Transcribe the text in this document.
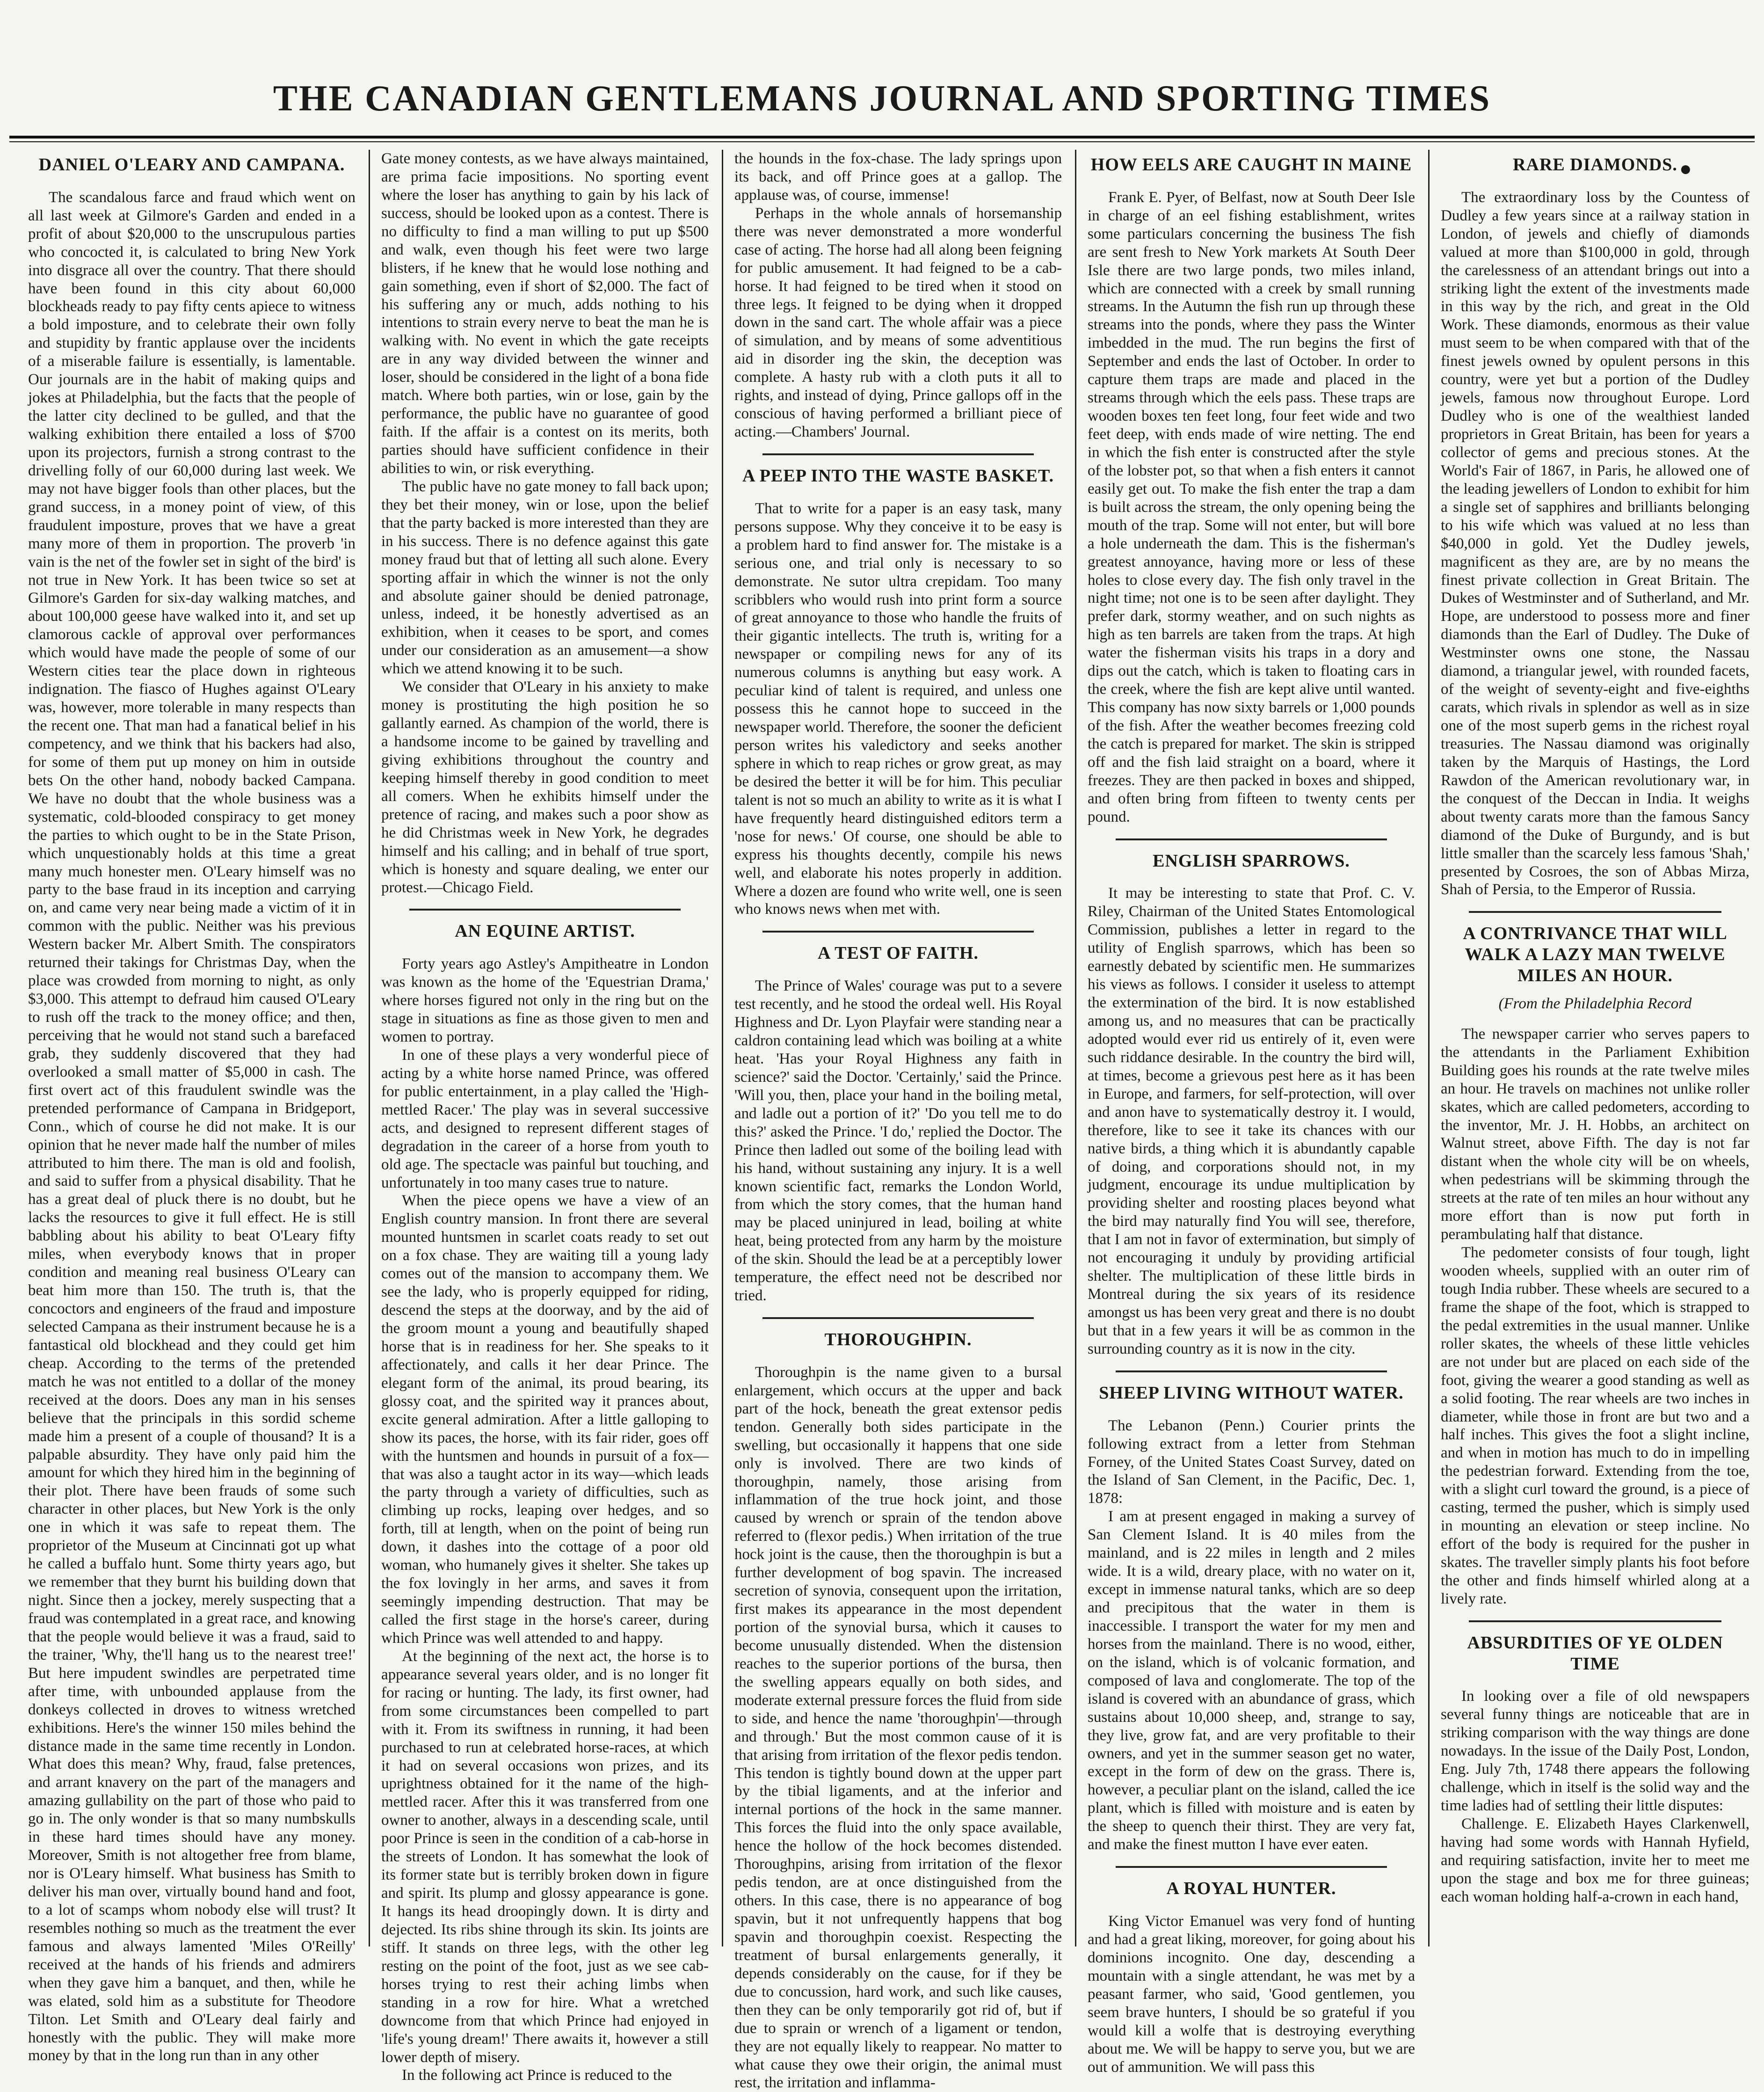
THE CANADIAN GENTLEMANS JOURNAL AND SPORTING TIMES
DANIEL O'LEARY AND CAMPANA.

The scandalous farce and fraud which went on all last week at Gilmore's Garden and ended in a profit of about $20,000 to the unscrupulous parties who concocted it, is calculated to bring New York into disgrace all over the country. That there should have been found in this city about 60,000 blockheads ready to pay fifty cents apiece to witness a bold imposture, and to celebrate their own folly and stupidity by frantic applause over the incidents of a miserable failure is essentially, is lamentable. Our journals are in the habit of making quips and jokes at Philadelphia, but the facts that the people of the latter city declined to be gulled, and that the walking exhibition there entailed a loss of $700 upon its projectors, furnish a strong contrast to the drivelling folly of our 60,000 during last week. We may not have bigger fools than other places, but the grand success, in a money point of view, of this fraudulent imposture, proves that we have a great many more of them in proportion. The proverb 'in vain is the net of the fowler set in sight of the bird' is not true in New York. It has been twice so set at Gilmore's Garden for six-day walking matches, and about 100,000 geese have walked into it, and set up clamorous cackle of approval over performances which would have made the people of some of our Western cities tear the place down in righteous indignation. The fiasco of Hughes against O'Leary was, however, more tolerable in many respects than the recent one. That man had a fanatical belief in his competency, and we think that his backers had also, for some of them put up money on him in outside bets On the other hand, nobody backed Campana. We have no doubt that the whole business was a systematic, cold-blooded conspiracy to get money the parties to which ought to be in the State Prison, which unquestionably holds at this time a great many much honester men. O'Leary himself was no party to the base fraud in its inception and carrying on, and came very near being made a victim of it in common with the public. Neither was his previous Western backer Mr. Albert Smith. The conspirators returned their takings for Christmas Day, when the place was crowded from morning to night, as only $3,000. This attempt to defraud him caused O'Leary to rush off the track to the money office; and then, perceiving that he would not stand such a barefaced grab, they suddenly discovered that they had overlooked a small matter of $5,000 in cash. The first overt act of this fraudulent swindle was the pretended performance of Campana in Bridgeport, Conn., which of course he did not make. It is our opinion that he never made half the number of miles attributed to him there. The man is old and foolish, and said to suffer from a physical disability. That he has a great deal of pluck there is no doubt, but he lacks the resources to give it full effect. He is still babbling about his ability to beat O'Leary fifty miles, when everybody knows that in proper condition and meaning real business O'Leary can beat him more than 150. The truth is, that the concoctors and engineers of the fraud and imposture selected Campana as their instrument because he is a fantastical old blockhead and they could get him cheap. According to the terms of the pretended match he was not entitled to a dollar of the money received at the doors. Does any man in his senses believe that the principals in this sordid scheme made him a present of a couple of thousand? It is a palpable absurdity. They have only paid him the amount for which they hired him in the beginning of their plot. There have been frauds of some such character in other places, but New York is the only one in which it was safe to repeat them. The proprietor of the Museum at Cincinnati got up what he called a buffalo hunt. Some thirty years ago, but we remember that they burnt his building down that night. Since then a jockey, merely suspecting that a fraud was contemplated in a great race, and knowing that the people would believe it was a fraud, said to the trainer, 'Why, the'll hang us to the nearest tree!' But here impudent swindles are perpetrated time after time, with unbounded applause from the donkeys collected in droves to witness wretched exhibitions. Here's the winner 150 miles behind the distance made in the same time recently in London. What does this mean? Why, fraud, false pretences, and arrant knavery on the part of the managers and amazing gullability on the part of those who paid to go in. The only wonder is that so many numbskulls in these hard times should have any money. Moreover, Smith is not altogether free from blame, nor is O'Leary himself. What business has Smith to deliver his man over, virtually bound hand and foot, to a lot of scamps whom nobody else will trust? It resembles nothing so much as the treatment the ever famous and always lamented 'Miles O'Reilly' received at the hands of his friends and admirers when they gave him a banquet, and then, while he was elated, sold him as a substitute for Theodore Tilton. Let Smith and O'Leary deal fairly and honestly with the public. They will make more money by that in the long run than in any other

Gate money contests, as we have always maintained, are prima facie impositions. No sporting event where the loser has anything to gain by his lack of success, should be looked upon as a contest. There is no difficulty to find a man willing to put up $500 and walk, even though his feet were two large blisters, if he knew that he would lose nothing and gain something, even if short of $2,000. The fact of his suffering any or much, adds nothing to his intentions to strain every nerve to beat the man he is walking with. No event in which the gate receipts are in any way divided between the winner and loser, should be considered in the light of a bona fide match. Where both parties, win or lose, gain by the performance, the public have no guarantee of good faith. If the affair is a contest on its merits, both parties should have sufficient confidence in their abilities to win, or risk everything.

The public have no gate money to fall back upon; they bet their money, win or lose, upon the belief that the party backed is more interested than they are in his success. There is no defence against this gate money fraud but that of letting all such alone. Every sporting affair in which the winner is not the only and absolute gainer should be denied patronage, unless, indeed, it be honestly advertised as an exhibition, when it ceases to be sport, and comes under our consideration as an amusement—a show which we attend knowing it to be such.

We consider that O'Leary in his anxiety to make money is prostituting the high position he so gallantly earned. As champion of the world, there is a handsome income to be gained by travelling and giving exhibitions throughout the country and keeping himself thereby in good condition to meet all comers. When he exhibits himself under the pretence of racing, and makes such a poor show as he did Christmas week in New York, he degrades himself and his calling; and in behalf of true sport, which is honesty and square dealing, we enter our protest.—Chicago Field.

AN EQUINE ARTIST.

Forty years ago Astley's Ampitheatre in London was known as the home of the 'Equestrian Drama,' where horses figured not only in the ring but on the stage in situations as fine as those given to men and women to portray.

In one of these plays a very wonderful piece of acting by a white horse named Prince, was offered for public entertainment, in a play called the 'High-mettled Racer.' The play was in several successive acts, and designed to represent different stages of degradation in the career of a horse from youth to old age. The spectacle was painful but touching, and unfortunately in too many cases true to nature.

When the piece opens we have a view of an English country mansion. In front there are several mounted huntsmen in scarlet coats ready to set out on a fox chase. They are waiting till a young lady comes out of the mansion to accompany them. We see the lady, who is properly equipped for riding, descend the steps at the doorway, and by the aid of the groom mount a young and beautifully shaped horse that is in readiness for her. She speaks to it affectionately, and calls it her dear Prince. The elegant form of the animal, its proud bearing, its glossy coat, and the spirited way it prances about, excite general admiration. After a little galloping to show its paces, the horse, with its fair rider, goes off with the huntsmen and hounds in pursuit of a fox—that was also a taught actor in its way—which leads the party through a variety of difficulties, such as climbing up rocks, leaping over hedges, and so forth, till at length, when on the point of being run down, it dashes into the cottage of a poor old woman, who humanely gives it shelter. She takes up the fox lovingly in her arms, and saves it from seemingly impending destruction. That may be called the first stage in the horse's career, during which Prince was well attended to and happy.

At the beginning of the next act, the horse is to appearance several years older, and is no longer fit for racing or hunting. The lady, its first owner, had from some circumstances been compelled to part with it. From its swiftness in running, it had been purchased to run at celebrated horse-races, at which it had on several occasions won prizes, and its uprightness obtained for it the name of the high-mettled racer. After this it was transferred from one owner to another, always in a descending scale, until poor Prince is seen in the condition of a cab-horse in the streets of London. It has somewhat the look of its former state but is terribly broken down in figure and spirit. Its plump and glossy appearance is gone. It hangs its head droopingly down. It is dirty and dejected. Its ribs shine through its skin. Its joints are stiff. It stands on three legs, with the other leg resting on the point of the foot, just as we see cab-horses trying to rest their aching limbs when standing in a row for hire. What a wretched downcome from that which Prince had enjoyed in 'life's young dream!' There awaits it, however a still lower depth of misery.

In the following act Prince is reduced to the

the hounds in the fox-chase. The lady springs upon its back, and off Prince goes at a gallop. The applause was, of course, immense!

Perhaps in the whole annals of horsemanship there was never demonstrated a more wonderful case of acting. The horse had all along been feigning for public amusement. It had feigned to be a cab-horse. It had feigned to be tired when it stood on three legs. It feigned to be dying when it dropped down in the sand cart. The whole affair was a piece of simulation, and by means of some adventitious aid in disorder ing the skin, the deception was complete. A hasty rub with a cloth puts it all to rights, and instead of dying, Prince gallops off in the conscious of having performed a brilliant piece of acting.—Chambers' Journal.

A PEEP INTO THE WASTE BASKET.

That to write for a paper is an easy task, many persons suppose. Why they conceive it to be easy is a problem hard to find answer for. The mistake is a serious one, and trial only is necessary to so demonstrate. Ne sutor ultra crepidam. Too many scribblers who would rush into print form a source of great annoyance to those who handle the fruits of their gigantic intellects. The truth is, writing for a newspaper or compiling news for any of its numerous columns is anything but easy work. A peculiar kind of talent is required, and unless one possess this he cannot hope to succeed in the newspaper world. Therefore, the sooner the deficient person writes his valedictory and seeks another sphere in which to reap riches or grow great, as may be desired the better it will be for him. This peculiar talent is not so much an ability to write as it is what I have frequently heard distinguished editors term a 'nose for news.' Of course, one should be able to express his thoughts decently, compile his news well, and elaborate his notes properly in addition. Where a dozen are found who write well, one is seen who knows news when met with.

A TEST OF FAITH.

The Prince of Wales' courage was put to a severe test recently, and he stood the ordeal well. His Royal Highness and Dr. Lyon Playfair were standing near a caldron containing lead which was boiling at a white heat. 'Has your Royal Highness any faith in science?' said the Doctor. 'Certainly,' said the Prince. 'Will you, then, place your hand in the boiling metal, and ladle out a portion of it?' 'Do you tell me to do this?' asked the Prince. 'I do,' replied the Doctor. The Prince then ladled out some of the boiling lead with his hand, without sustaining any injury. It is a well known scientific fact, remarks the London World, from which the story comes, that the human hand may be placed uninjured in lead, boiling at white heat, being protected from any harm by the moisture of the skin. Should the lead be at a perceptibly lower temperature, the effect need not be described nor tried.

THOROUGHPIN.

Thoroughpin is the name given to a bursal enlargement, which occurs at the upper and back part of the hock, beneath the great extensor pedis tendon. Generally both sides participate in the swelling, but occasionally it happens that one side only is involved. There are two kinds of thoroughpin, namely, those arising from inflammation of the true hock joint, and those caused by wrench or sprain of the tendon above referred to (flexor pedis.) When irritation of the true hock joint is the cause, then the thoroughpin is but a further development of bog spavin. The increased secretion of synovia, consequent upon the irritation, first makes its appearance in the most dependent portion of the synovial bursa, which it causes to become unusually distended. When the distension reaches to the superior portions of the bursa, then the swelling appears equally on both sides, and moderate external pressure forces the fluid from side to side, and hence the name 'thoroughpin'—through and through.' But the most common cause of it is that arising from irritation of the flexor pedis tendon. This tendon is tightly bound down at the upper part by the tibial ligaments, and at the inferior and internal portions of the hock in the same manner. This forces the fluid into the only space available, hence the hollow of the hock becomes distended. Thoroughpins, arising from irritation of the flexor pedis tendon, are at once distinguished from the others. In this case, there is no appearance of bog spavin, but it not unfrequently happens that bog spavin and thoroughpin coexist. Respecting the treatment of bursal enlargements generally, it depends considerably on the cause, for if they be due to concussion, hard work, and such like causes, then they can be only temporarily got rid of, but if due to sprain or wrench of a ligament or tendon, they are not equally likely to reappear. No matter to what cause they owe their origin, the animal must rest, the irritation and inflamma-

HOW EELS ARE CAUGHT IN MAINE

Frank E. Pyer, of Belfast, now at South Deer Isle in charge of an eel fishing establishment, writes some particulars concerning the business The fish are sent fresh to New York markets At South Deer Isle there are two large ponds, two miles inland, which are connected with a creek by small running streams. In the Autumn the fish run up through these streams into the ponds, where they pass the Winter imbedded in the mud. The run begins the first of September and ends the last of October. In order to capture them traps are made and placed in the streams through which the eels pass. These traps are wooden boxes ten feet long, four feet wide and two feet deep, with ends made of wire netting. The end in which the fish enter is constructed after the style of the lobster pot, so that when a fish enters it cannot easily get out. To make the fish enter the trap a dam is built across the stream, the only opening being the mouth of the trap. Some will not enter, but will bore a hole underneath the dam. This is the fisherman's greatest annoyance, having more or less of these holes to close every day. The fish only travel in the night time; not one is to be seen after daylight. They prefer dark, stormy weather, and on such nights as high as ten barrels are taken from the traps. At high water the fisherman visits his traps in a dory and dips out the catch, which is taken to floating cars in the creek, where the fish are kept alive until wanted. This company has now sixty barrels or 1,000 pounds of the fish. After the weather becomes freezing cold the catch is prepared for market. The skin is stripped off and the fish laid straight on a board, where it freezes. They are then packed in boxes and shipped, and often bring from fifteen to twenty cents per pound.

ENGLISH SPARROWS.

It may be interesting to state that Prof. C. V. Riley, Chairman of the United States Entomological Commission, publishes a letter in regard to the utility of English sparrows, which has been so earnestly debated by scientific men. He summarizes his views as follows. I consider it useless to attempt the extermination of the bird. It is now established among us, and no measures that can be practically adopted would ever rid us entirely of it, even were such riddance desirable. In the country the bird will, at times, become a grievous pest here as it has been in Europe, and farmers, for self-protection, will over and anon have to systematically destroy it. I would, therefore, like to see it take its chances with our native birds, a thing which it is abundantly capable of doing, and corporations should not, in my judgment, encourage its undue multiplication by providing shelter and roosting places beyond what the bird may naturally find You will see, therefore, that I am not in favor of extermination, but simply of not encouraging it unduly by providing artificial shelter. The multiplication of these little birds in Montreal during the six years of its residence amongst us has been very great and there is no doubt but that in a few years it will be as common in the surrounding country as it is now in the city.

SHEEP LIVING WITHOUT WATER.

The Lebanon (Penn.) Courier prints the following extract from a letter from Stehman Forney, of the United States Coast Survey, dated on the Island of San Clement, in the Pacific, Dec. 1, 1878:

I am at present engaged in making a survey of San Clement Island. It is 40 miles from the mainland, and is 22 miles in length and 2 miles wide. It is a wild, dreary place, with no water on it, except in immense natural tanks, which are so deep and precipitous that the water in them is inaccessible. I transport the water for my men and horses from the mainland. There is no wood, either, on the island, which is of volcanic formation, and composed of lava and conglomerate. The top of the island is covered with an abundance of grass, which sustains about 10,000 sheep, and, strange to say, they live, grow fat, and are very profitable to their owners, and yet in the summer season get no water, except in the form of dew on the grass. There is, however, a peculiar plant on the island, called the ice plant, which is filled with moisture and is eaten by the sheep to quench their thirst. They are very fat, and make the finest mutton I have ever eaten.

A ROYAL HUNTER.

King Victor Emanuel was very fond of hunting and had a great liking, moreover, for going about his dominions incognito. One day, descending a mountain with a single attendant, he was met by a peasant farmer, who said, 'Good gentlemen, you seem brave hunters, I should be so grateful if you would kill a wolfe that is destroying everything about me. We will be happy to serve you, but we are out of ammunition. We will pass this

RARE DIAMONDS.

The extraordinary loss by the Countess of Dudley a few years since at a railway station in London, of jewels and chiefly of diamonds valued at more than $100,000 in gold, through the carelessness of an attendant brings out into a striking light the extent of the investments made in this way by the rich, and great in the Old Work. These diamonds, enormous as their value must seem to be when compared with that of the finest jewels owned by opulent persons in this country, were yet but a portion of the Dudley jewels, famous now throughout Europe. Lord Dudley who is one of the wealthiest landed proprietors in Great Britain, has been for years a collector of gems and precious stones. At the World's Fair of 1867, in Paris, he allowed one of the leading jewellers of London to exhibit for him a single set of sapphires and brilliants belonging to his wife which was valued at no less than $40,000 in gold. Yet the Dudley jewels, magnificent as they are, are by no means the finest private collection in Great Britain. The Dukes of Westminster and of Sutherland, and Mr. Hope, are understood to possess more and finer diamonds than the Earl of Dudley. The Duke of Westminster owns one stone, the Nassau diamond, a triangular jewel, with rounded facets, of the weight of seventy-eight and five-eighths carats, which rivals in splendor as well as in size one of the most superb gems in the richest royal treasuries. The Nassau diamond was originally taken by the Marquis of Hastings, the Lord Rawdon of the American revolutionary war, in the conquest of the Deccan in India. It weighs about twenty carats more than the famous Sancy diamond of the Duke of Burgundy, and is but little smaller than the scarcely less famous 'Shah,' presented by Cosroes, the son of Abbas Mirza, Shah of Persia, to the Emperor of Russia.

A CONTRIVANCE THAT WILL WALK A LAZY MAN TWELVE MILES AN HOUR.
(From the Philadelphia Record

The newspaper carrier who serves papers to the attendants in the Parliament Exhibition Building goes his rounds at the rate twelve miles an hour. He travels on machines not unlike roller skates, which are called pedometers, according to the inventor, Mr. J. H. Hobbs, an architect on Walnut street, above Fifth. The day is not far distant when the whole city will be on wheels, when pedestrians will be skimming through the streets at the rate of ten miles an hour without any more effort than is now put forth in perambulating half that distance.

The pedometer consists of four tough, light wooden wheels, supplied with an outer rim of tough India rubber. These wheels are secured to a frame the shape of the foot, which is strapped to the pedal extremities in the usual manner. Unlike roller skates, the wheels of these little vehicles are not under but are placed on each side of the foot, giving the wearer a good standing as well as a solid footing. The rear wheels are two inches in diameter, while those in front are but two and a half inches. This gives the foot a slight incline, and when in motion has much to do in impelling the pedestrian forward. Extending from the toe, with a slight curl toward the ground, is a piece of casting, termed the pusher, which is simply used in mounting an elevation or steep incline. No effort of the body is required for the pusher in skates. The traveller simply plants his foot before the other and finds himself whirled along at a lively rate.

ABSURDITIES OF YE OLDEN TIME

In looking over a file of old newspapers several funny things are noticeable that are in striking comparison with the way things are done nowadays. In the issue of the Daily Post, London, Eng. July 7th, 1748 there appears the following challenge, which in itself is the solid way and the time ladies had of settling their little disputes:

Challenge. E. Elizabeth Hayes Clarkenwell, having had some words with Hannah Hyfield, and requiring satisfaction, invite her to meet me upon the stage and box me for three guineas; each woman holding half-a-crown in each hand,

●
